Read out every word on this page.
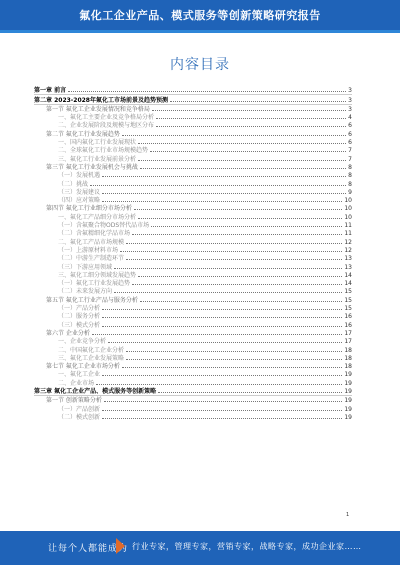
氟化工企业产品、模式服务等创新策略研究报告
内容目录
第一章 前言	3
第二章 2023-2028年氟化工市场前景及趋势预测	3
第一节 氟化工企业发展情况和竞争格局	3
一、氟化工主要企业及竞争格局分析	4
二、企业发展阶段及规模与地区分布	6
第二节 氟化工行业发展趋势	6
一、国内氟化工行业发展现状	6
二、全球氟化工行业市场规模趋势	7
三、氟化工行业发展前景分析	7
第三节 氟化工行业发展机会与挑战	8
（一）发展机遇	8
（二）挑战	8
（三）发展建议	9
（四）应对策略	10
第四节 氟化工行业细分市场分析	10
一、氟化工产品细分市场分析	10
（一）含氟聚合物ODS替代品市场	11
（二）含氟精细化学品市场	11
二、氟化工产品市场规模	12
（一）上游原材料市场	12
（二）中游生产制造环节	13
（三）下游应用领域	13
三、氟化工细分领域发展趋势	14
（一）氟化工行业发展趋势	14
（二）未来发展方向	15
第五节 氟化工行业产品与服务分析	15
（一）产品分析	15
（二）服务分析	16
（三）模式分析	16
第六节 企业分析	17
一、企业竞争分析	17
二、中国氟化工企业分析	18
三、氟化工企业发展策略	18
第七节 氟化工企业市场分析	18
一、氟化工企业	19
二、企业市场	19
第三章 氟化工企业产品、模式服务等创新策略	19
第一节 创新策略分析	19
（一）产品创新	19
（二）模式创新	19
1
让每个人都能成为 行业专家，管理专家，营销专家，战略专家，成功企业家……
